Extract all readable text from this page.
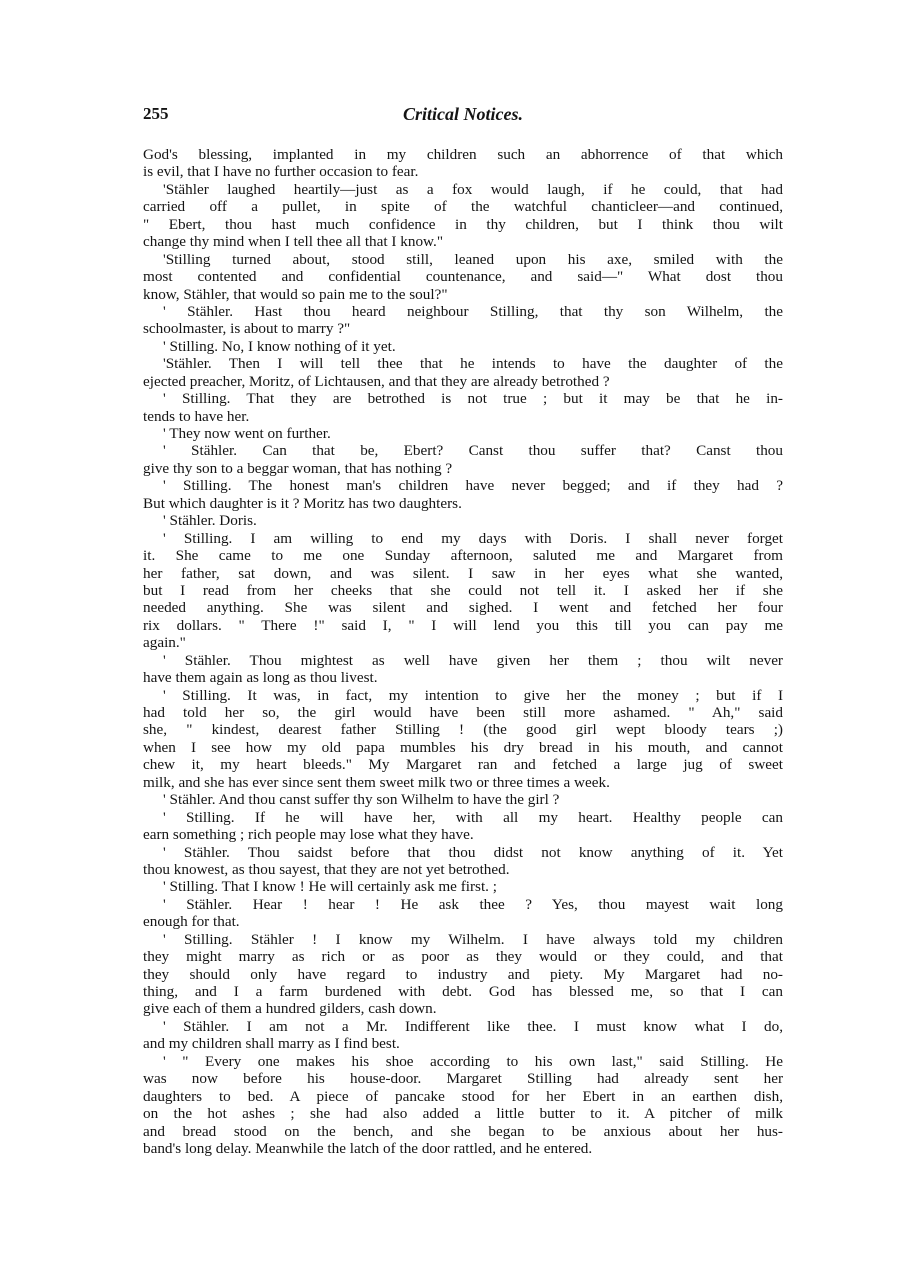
255	Critical Notices.
God's blessing, implanted in my children such an abhorrence of that which
is evil, that I have no further occasion to fear.
'Stähler laughed heartily—just as a fox would laugh, if he could, that had
carried off a pullet, in spite of the watchful chanticleer—and continued,
" Ebert, thou hast much confidence in thy children, but I think thou wilt
change thy mind when I tell thee all that I know."
'Stilling turned about, stood still, leaned upon his axe, smiled with the
most contented and confidential countenance, and said—" What dost thou
know, Stähler, that would so pain me to the soul?"
' Stähler. Hast thou heard neighbour Stilling, that thy son Wilhelm, the
schoolmaster, is about to marry ?"
' Stilling. No, I know nothing of it yet.
'Stähler. Then I will tell thee that he intends to have the daughter of the
ejected preacher, Moritz, of Lichtausen, and that they are already betrothed ?
' Stilling. That they are betrothed is not true ; but it may be that he in-
tends to have her.
' They now went on further.
' Stähler. Can that be, Ebert? Canst thou suffer that? Canst thou
give thy son to a beggar woman, that has nothing ?
' Stilling. The honest man's children have never begged; and if they had ?
But which daughter is it ? Moritz has two daughters.
' Stähler. Doris.
' Stilling. I am willing to end my days with Doris. I shall never forget
it. She came to me one Sunday afternoon, saluted me and Margaret from
her father, sat down, and was silent. I saw in her eyes what she wanted,
but I read from her cheeks that she could not tell it. I asked her if she
needed anything. She was silent and sighed. I went and fetched her four
rix dollars. " There !" said I, " I will lend you this till you can pay me
again."
' Stähler. Thou mightest as well have given her them ; thou wilt never
have them again as long as thou livest.
' Stilling. It was, in fact, my intention to give her the money ; but if I
had told her so, the girl would have been still more ashamed. " Ah," said
she, " kindest, dearest father Stilling ! (the good girl wept bloody tears ;)
when I see how my old papa mumbles his dry bread in his mouth, and cannot
chew it, my heart bleeds." My Margaret ran and fetched a large jug of sweet
milk, and she has ever since sent them sweet milk two or three times a week.
' Stähler. And thou canst suffer thy son Wilhelm to have the girl ?
' Stilling. If he will have her, with all my heart. Healthy people can
earn something ; rich people may lose what they have.
' Stähler. Thou saidst before that thou didst not know anything of it. Yet
thou knowest, as thou sayest, that they are not yet betrothed.
' Stilling. That I know ! He will certainly ask me first. ;
' Stähler. Hear ! hear ! He ask thee ? Yes, thou mayest wait long
enough for that.
' Stilling. Stähler ! I know my Wilhelm. I have always told my children
they might marry as rich or as poor as they would or they could, and that
they should only have regard to industry and piety. My Margaret had no-
thing, and I a farm burdened with debt. God has blessed me, so that I can
give each of them a hundred gilders, cash down.
' Stähler. I am not a Mr. Indifferent like thee. I must know what I do,
and my children shall marry as I find best.
' " Every one makes his shoe according to his own last," said Stilling. He
was now before his house-door. Margaret Stilling had already sent her
daughters to bed. A piece of pancake stood for her Ebert in an earthen dish,
on the hot ashes ; she had also added a little butter to it. A pitcher of milk
and bread stood on the bench, and she began to be anxious about her hus-
band's long delay. Meanwhile the latch of the door rattled, and he entered.
